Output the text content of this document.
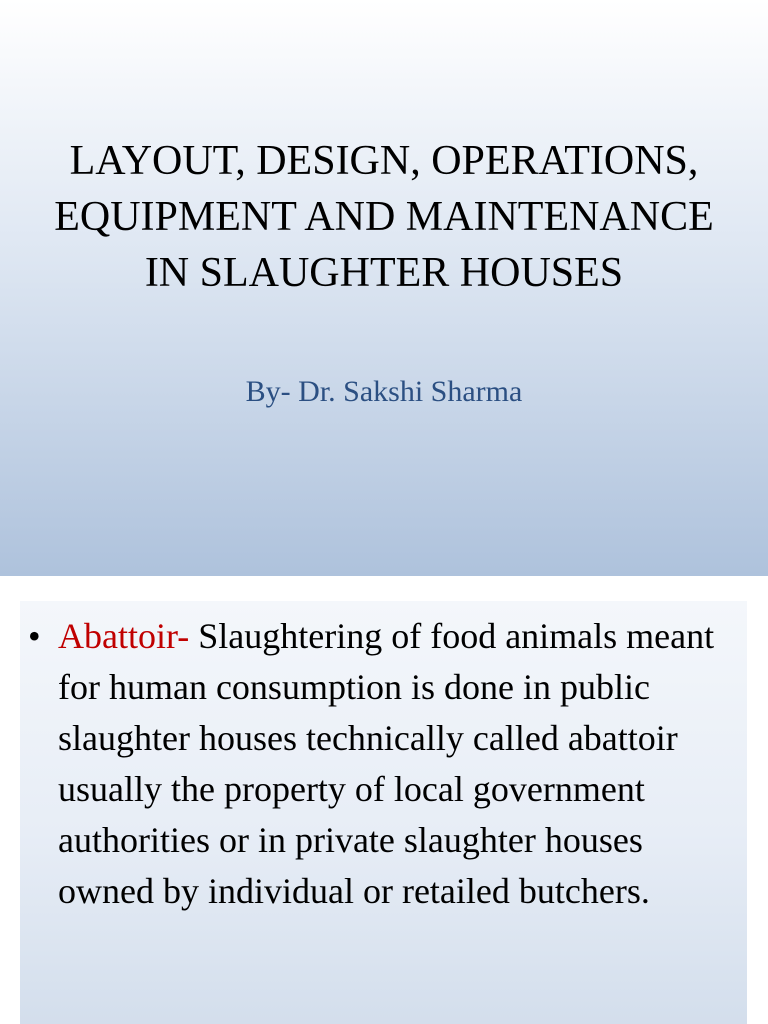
LAYOUT, DESIGN, OPERATIONS, EQUIPMENT AND MAINTENANCE IN SLAUGHTER HOUSES

By- Dr. Sakshi Sharma

• Abattoir- Slaughtering of food animals meant for human consumption is done in public slaughter houses technically called abattoir usually the property of local government authorities or in private slaughter houses owned by individual or retailed butchers.
